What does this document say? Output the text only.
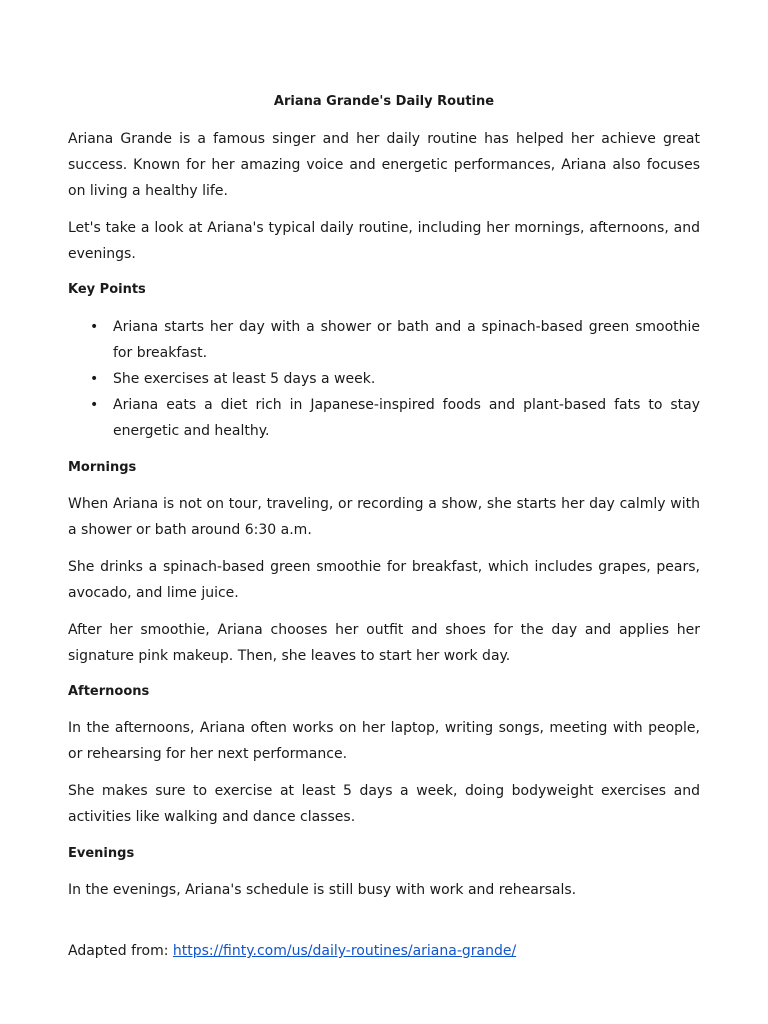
Ariana Grande's Daily Routine

Ariana Grande is a famous singer and her daily routine has helped her achieve great success. Known for her amazing voice and energetic performances, Ariana also focuses on living a healthy life.

Let's take a look at Ariana's typical daily routine, including her mornings, afternoons, and evenings.

Key Points
• Ariana starts her day with a shower or bath and a spinach-based green smoothie for breakfast.
• She exercises at least 5 days a week.
• Ariana eats a diet rich in Japanese-inspired foods and plant-based fats to stay energetic and healthy.
Mornings

When Ariana is not on tour, traveling, or recording a show, she starts her day calmly with a shower or bath around 6:30 a.m.

She drinks a spinach-based green smoothie for breakfast, which includes grapes, pears, avocado, and lime juice.

After her smoothie, Ariana chooses her outfit and shoes for the day and applies her signature pink makeup. Then, she leaves to start her work day.

Afternoons

In the afternoons, Ariana often works on her laptop, writing songs, meeting with people, or rehearsing for her next performance.

She makes sure to exercise at least 5 days a week, doing bodyweight exercises and activities like walking and dance classes.

Evenings

In the evenings, Ariana's schedule is still busy with work and rehearsals.

Adapted from: https://finty.com/us/daily-routines/ariana-grande/
